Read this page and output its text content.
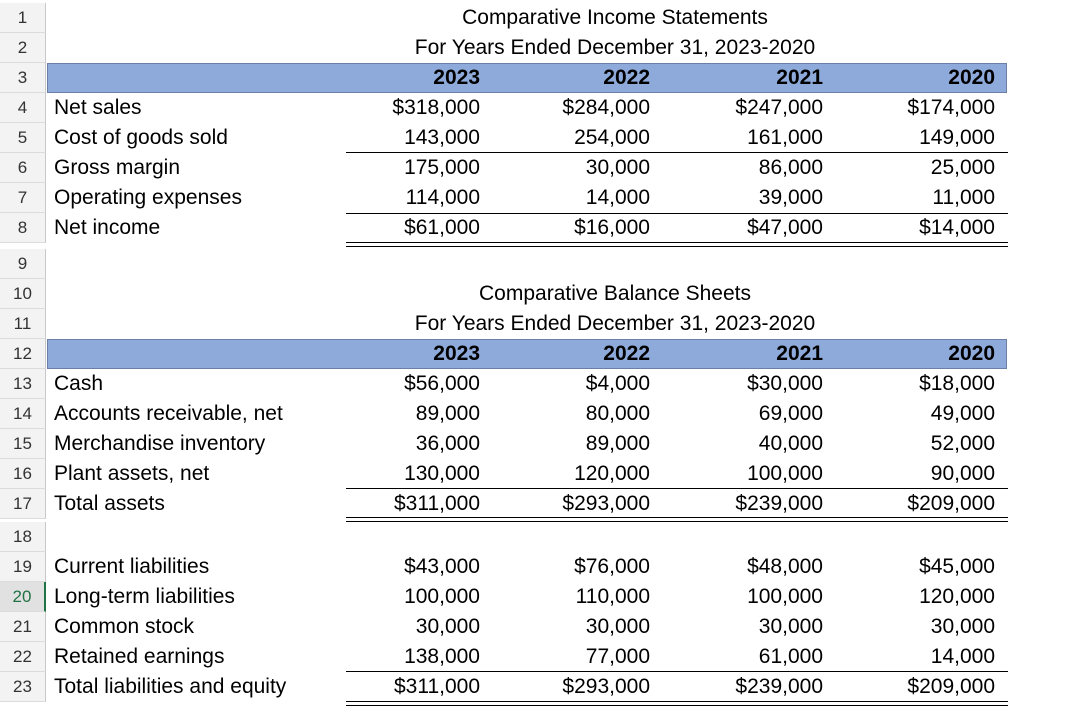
1	Comparative Income Statements
2	For Years Ended December 31, 2023-2020
3	2023	2022	2021	2020
4	Net sales	$318,000	$284,000	$247,000	$174,000
5	Cost of goods sold	143,000	254,000	161,000	149,000
6	Gross margin	175,000	30,000	86,000	25,000
7	Operating expenses	114,000	14,000	39,000	11,000
8	Net income	$61,000	$16,000	$47,000	$14,000
9
10	Comparative Balance Sheets
11	For Years Ended December 31, 2023-2020
12	2023	2022	2021	2020
13	Cash	$56,000	$4,000	$30,000	$18,000
14	Accounts receivable, net	89,000	80,000	69,000	49,000
15	Merchandise inventory	36,000	89,000	40,000	52,000
16	Plant assets, net	130,000	120,000	100,000	90,000
17	Total assets	$311,000	$293,000	$239,000	$209,000
18
19	Current liabilities	$43,000	$76,000	$48,000	$45,000
20	Long-term liabilities	100,000	110,000	100,000	120,000
21	Common stock	30,000	30,000	30,000	30,000
22	Retained earnings	138,000	77,000	61,000	14,000
23	Total liabilities and equity	$311,000	$293,000	$239,000	$209,000
